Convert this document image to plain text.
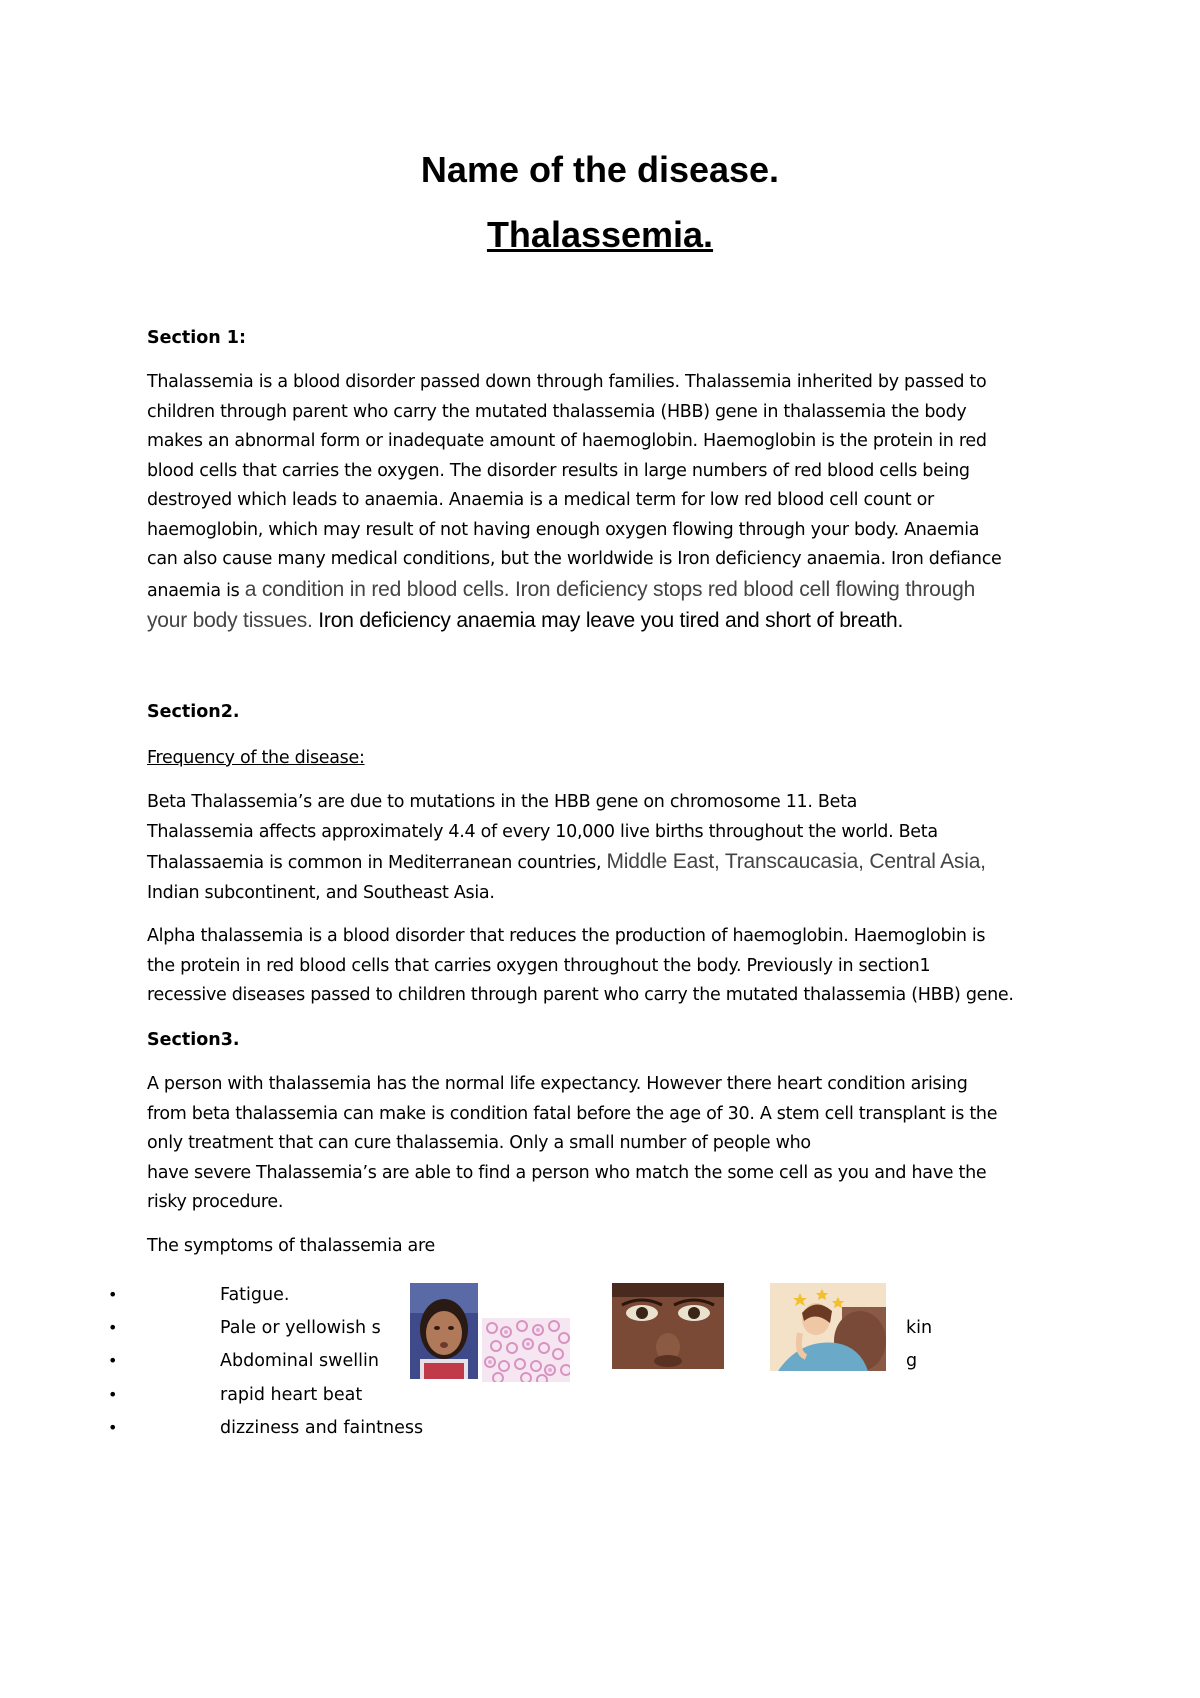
Name of the disease.
Thalassemia.
Section 1:
Thalassemia is a blood disorder passed down through families. Thalassemia inherited by passed to
children through parent who carry the mutated thalassemia (HBB) gene in thalassemia the body
makes an abnormal form or inadequate amount of haemoglobin. Haemoglobin is the protein in red
blood cells that carries the oxygen. The disorder results in large numbers of red blood cells being
destroyed which leads to anaemia. Anaemia is a medical term for low red blood cell count or
haemoglobin, which may result of not having enough oxygen flowing through your body. Anaemia
can also cause many medical conditions, but the worldwide is Iron deficiency anaemia. Iron defiance
anaemia is a condition in red blood cells. Iron deficiency stops red blood cell flowing through
your body tissues. Iron deficiency anaemia may leave you tired and short of breath.
Section2.
Frequency of the disease:
Beta Thalassemia’s are due to mutations in the HBB gene on chromosome 11. Beta
Thalassemia affects approximately 4.4 of every 10,000 live births throughout the world. Beta
Thalassaemia is common in Mediterranean countries, Middle East, Transcaucasia, Central Asia,
Indian subcontinent, and Southeast Asia.
Alpha thalassemia is a blood disorder that reduces the production of haemoglobin. Haemoglobin is
the protein in red blood cells that carries oxygen throughout the body. Previously in section1
recessive diseases passed to children through parent who carry the mutated thalassemia (HBB) gene.
Section3.
A person with thalassemia has the normal life expectancy. However there heart condition arising
from beta thalassemia can make is condition fatal before the age of 30. A stem cell transplant is the
only treatment that can cure thalassemia. Only a small number of people who
have severe Thalassemia’s are able to find a person who match the some cell as you and have the
risky procedure.
The symptoms of thalassemia are
•	Fatigue.
•	Pale or yellowish s
•	Abdominal swellin
•	rapid heart beat
•	dizziness and faintness
kin
g
